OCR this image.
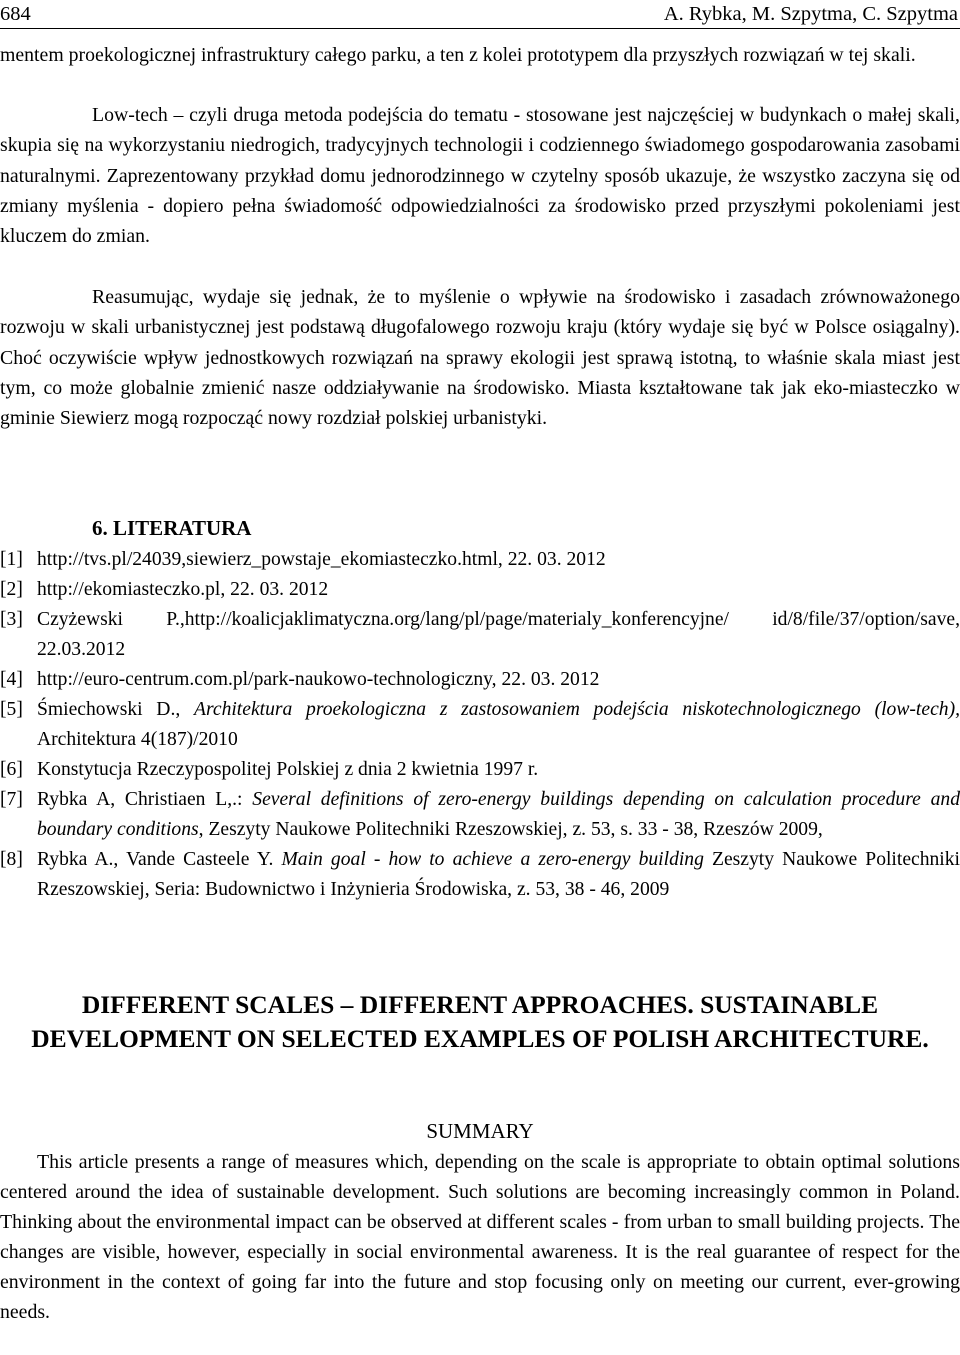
684	A. Rybka, M. Szpytma, C. Szpytma

mentem proekologicznej infrastruktury całego parku, a ten z kolei prototypem dla przyszłych rozwiązań w tej skali.

Low-tech – czyli druga metoda podejścia do tematu - stosowane jest najczęściej w budynkach o małej skali, skupia się na wykorzystaniu niedrogich, tradycyjnych technologii i codziennego świadomego gospodarowania zasobami naturalnymi. Zaprezentowany przykład domu jednorodzinnego w czytelny sposób ukazuje, że wszystko zaczyna się od zmiany myślenia - dopiero pełna świadomość odpowiedzialności za środowisko przed przyszłymi pokoleniami jest kluczem do zmian.

Reasumując, wydaje się jednak, że to myślenie o wpływie na środowisko i zasadach zrównoważonego rozwoju w skali urbanistycznej jest podstawą długofalowego rozwoju kraju (który wydaje się być w Polsce osiągalny). Choć oczywiście wpływ jednostkowych rozwiązań na sprawy ekologii jest sprawą istotną, to właśnie skala miast jest tym, co może globalnie zmienić nasze oddziaływanie na środowisko. Miasta kształtowane tak jak eko-miasteczko w gminie Siewierz mogą rozpocząć nowy rozdział polskiej urbanistyki.

6. LITERATURA

[1] http://tvs.pl/24039,siewierz_powstaje_ekomiasteczko.html, 22. 03. 2012
[2] http://ekomiasteczko.pl, 22. 03. 2012
[3] Czyżewski P.,http://koalicjaklimatyczna.org/lang/pl/page/materialy_konferencyjne/ id/8/file/37/option/save, 22.03.2012
[4] http://euro-centrum.com.pl/park-naukowo-technologiczny, 22. 03. 2012
[5] Śmiechowski D., Architektura proekologiczna z zastosowaniem podejścia niskotechnologicznego (low-tech), Architektura 4(187)/2010
[6] Konstytucja Rzeczypospolitej Polskiej z dnia 2 kwietnia 1997 r.
[7] Rybka A, Christiaen L,.: Several definitions of zero-energy buildings depending on calculation procedure and boundary conditions, Zeszyty Naukowe Politechniki Rzeszowskiej, z. 53, s. 33 - 38, Rzeszów 2009,
[8] Rybka A., Vande Casteele Y. Main goal - how to achieve a zero-energy building Zeszyty Naukowe Politechniki Rzeszowskiej, Seria: Budownictwo i Inżynieria Środowiska, z. 53, 38 - 46, 2009

DIFFERENT SCALES – DIFFERENT APPROACHES. SUSTAINABLE DEVELOPMENT ON SELECTED EXAMPLES OF POLISH ARCHITECTURE.

SUMMARY

This article presents a range of measures which, depending on the scale is appropriate to obtain optimal solutions centered around the idea of sustainable development. Such solutions are becoming increasingly common in Poland. Thinking about the environmental impact can be observed at different scales - from urban to small building projects. The changes are visible, however, especially in social environmental awareness. It is the real guarantee of respect for the environment in the context of going far into the future and stop focusing only on meeting our current, ever-growing needs.
